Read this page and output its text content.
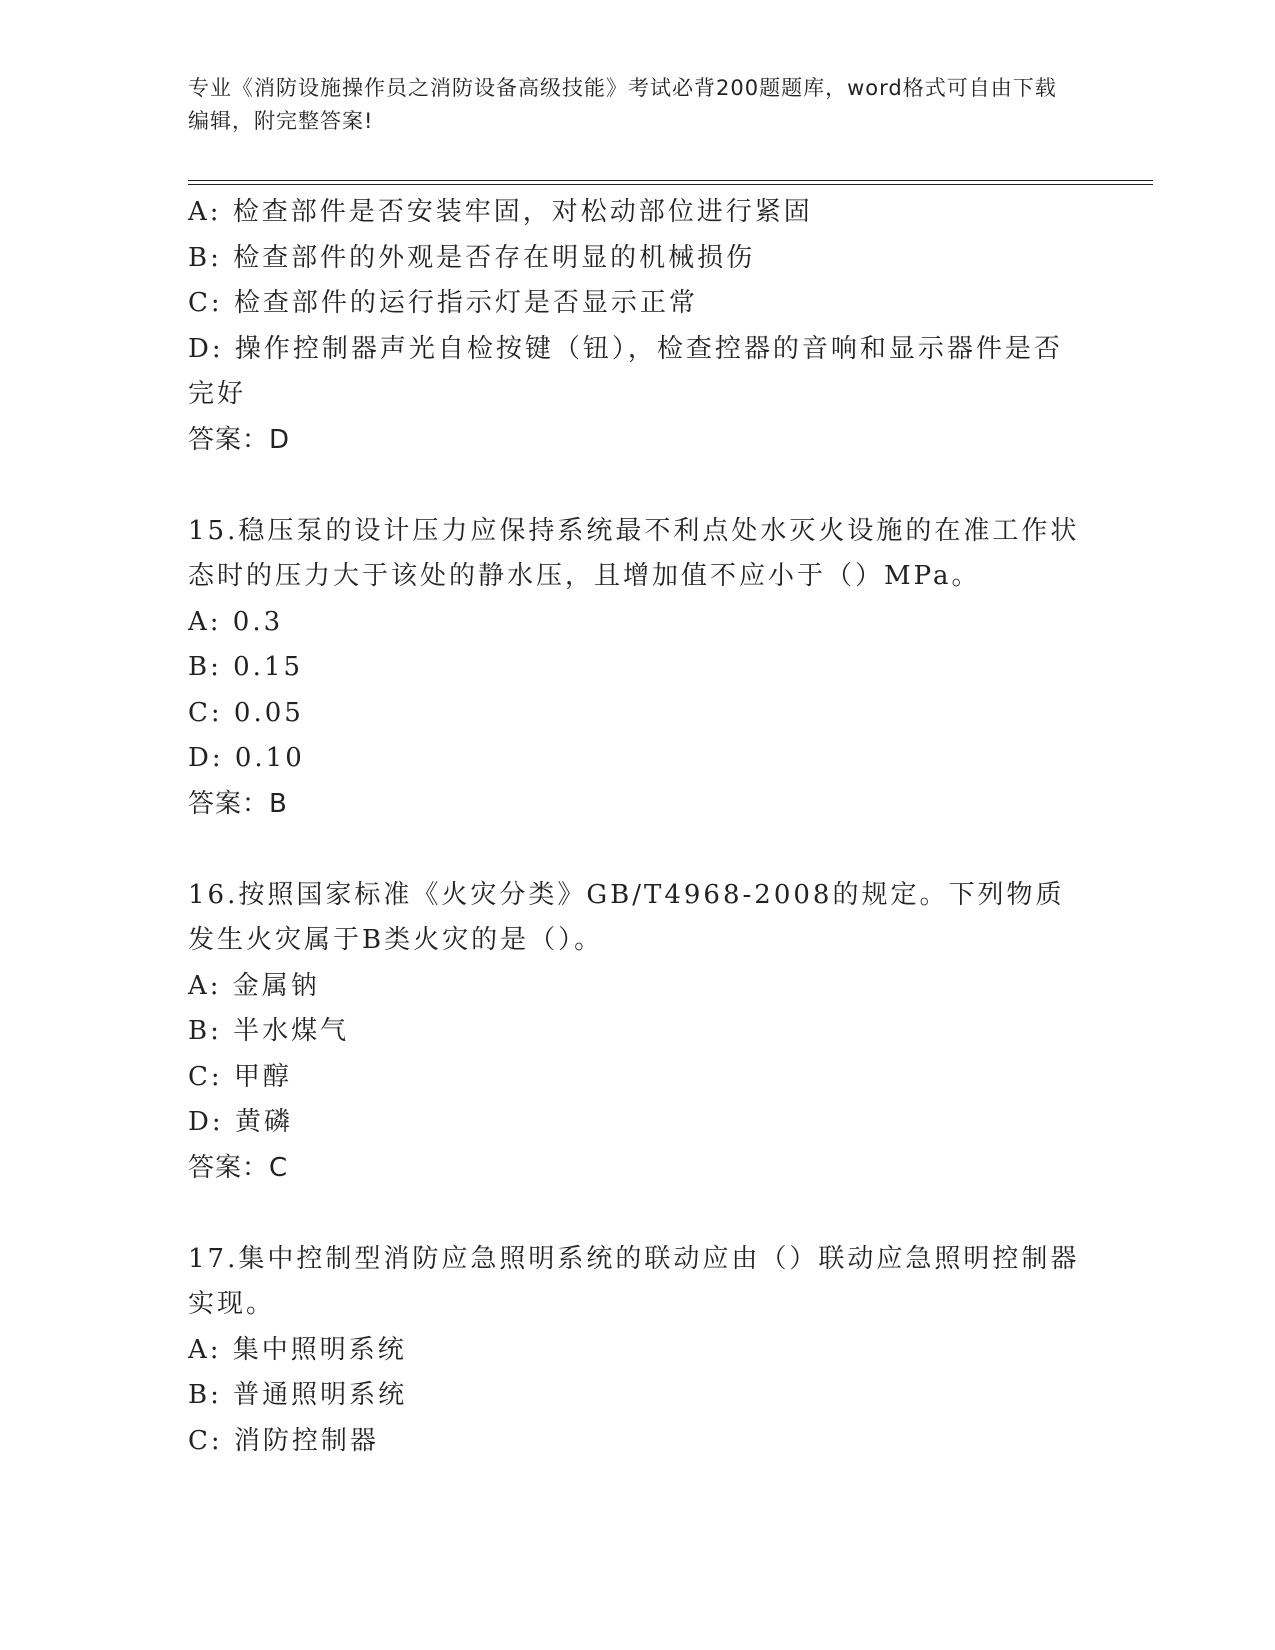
专业《消防设施操作员之消防设备高级技能》考试必背200题题库，word格式可自由下载编辑，附完整答案!
A: 检查部件是否安装牢固，对松动部位进行紧固
B: 检查部件的外观是否存在明显的机械损伤
C: 检查部件的运行指示灯是否显示正常
D: 操作控制器声光自检按键（钮），检查控器的音响和显示器件是否完好
答案：D
15.稳压泵的设计压力应保持系统最不利点处水灭火设施的在准工作状态时的压力大于该处的静水压，且增加值不应小于（）MPa。
A: 0.3
B: 0.15
C: 0.05
D: 0.10
答案：B
16.按照国家标准《火灾分类》GB/T4968-2008的规定。下列物质发生火灾属于B类火灾的是（）。
A: 金属钠
B: 半水煤气
C: 甲醇
D: 黄磷
答案：C
17.集中控制型消防应急照明系统的联动应由（）联动应急照明控制器实现。
A: 集中照明系统
B: 普通照明系统
C: 消防控制器
